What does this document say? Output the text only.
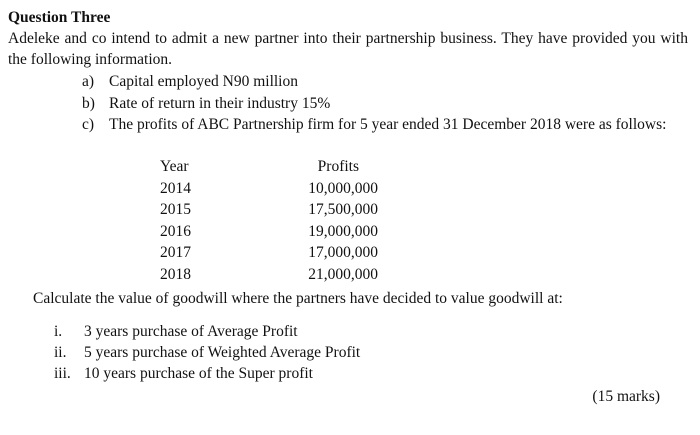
Question Three
Adeleke and co intend to admit a new partner into their partnership business. They have provided you with the following information.
a) Capital employed N90 million
b) Rate of return in their industry 15%
c) The profits of ABC Partnership firm for 5 year ended 31 December 2018 were as follows:
Year	Profits
2014	10,000,000
2015	17,500,000
2016	19,000,000
2017	17,000,000
2018	21,000,000
Calculate the value of goodwill where the partners have decided to value goodwill at:
i. 3 years purchase of Average Profit
ii. 5 years purchase of Weighted Average Profit
iii. 10 years purchase of the Super profit
(15 marks)
